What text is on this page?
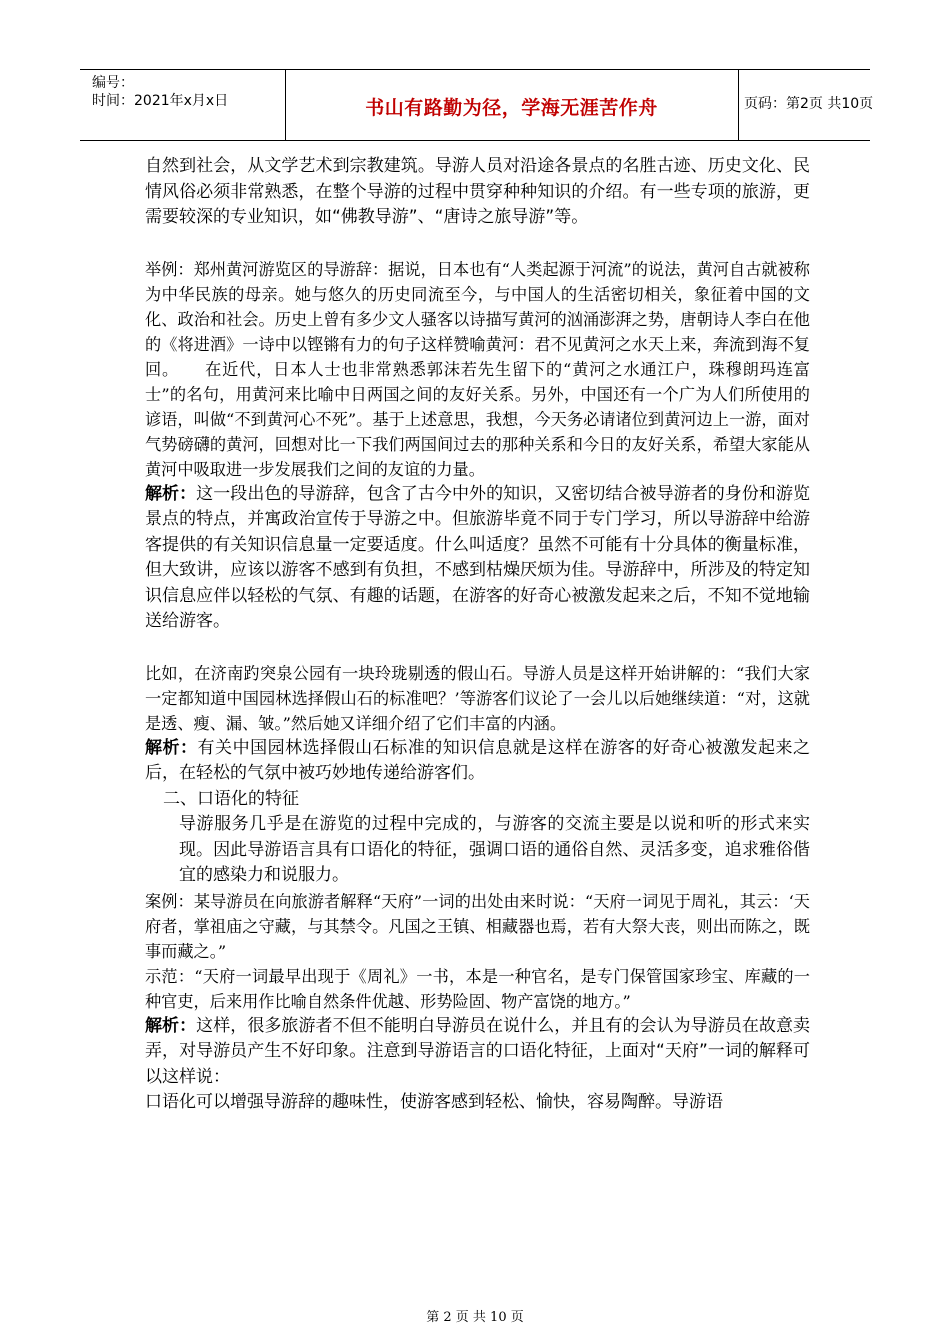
编号：
时间：2021年x月x日	书山有路勤为径，学海无涯苦作舟	页码：第2页 共10页

自然到社会，从文学艺术到宗教建筑。导游人员对沿途各景点的名胜古迹、历史文化、民情风俗必须非常熟悉，在整个导游的过程中贯穿种种知识的介绍。有一些专项的旅游，更需要较深的专业知识，如“佛教导游”、“唐诗之旅导游”等。

举例：郑州黄河游览区的导游辞：据说，日本也有“人类起源于河流”的说法，黄河自古就被称为中华民族的母亲。她与悠久的历史同流至今，与中国人的生活密切相关，象征着中国的文化、政治和社会。历史上曾有多少文人骚客以诗描写黄河的汹涌澎湃之势，唐朝诗人李白在他的《将进酒》一诗中以铿锵有力的句子这样赞喻黄河：君不见黄河之水天上来，奔流到海不复回。　　在近代，日本人士也非常熟悉郭沫若先生留下的“黄河之水通江户，珠穆朗玛连富士”的名句，用黄河来比喻中日两国之间的友好关系。另外，中国还有一个广为人们所使用的谚语，叫做“不到黄河心不死”。基于上述意思，我想，今天务必请诸位到黄河边上一游，面对气势磅礴的黄河，回想对比一下我们两国间过去的那种关系和今日的友好关系，希望大家能从黄河中吸取进一步发展我们之间的友谊的力量。

解析：这一段出色的导游辞，包含了古今中外的知识，又密切结合被导游者的身份和游览景点的特点，并寓政治宣传于导游之中。但旅游毕竟不同于专门学习，所以导游辞中给游客提供的有关知识信息量一定要适度。什么叫适度？虽然不可能有十分具体的衡量标准，但大致讲，应该以游客不感到有负担，不感到枯燥厌烦为佳。导游辞中，所涉及的特定知识信息应伴以轻松的气氛、有趣的话题，在游客的好奇心被激发起来之后，不知不觉地输送给游客。

比如，在济南趵突泉公园有一块玲珑剔透的假山石。导游人员是这样开始讲解的：“我们大家一定都知道中国园林选择假山石的标准吧？’等游客们议论了一会儿以后她继续道：“对，这就是透、瘦、漏、皱。”然后她又详细介绍了它们丰富的内涵。

解析：有关中国园林选择假山石标准的知识信息就是这样在游客的好奇心被激发起来之后，在轻松的气氛中被巧妙地传递给游客们。

二、口语化的特征

导游服务几乎是在游览的过程中完成的，与游客的交流主要是以说和听的形式来实现。因此导游语言具有口语化的特征，强调口语的通俗自然、灵活多变，追求雅俗偕宜的感染力和说服力。

案例：某导游员在向旅游者解释“天府”一词的出处由来时说：“天府一词见于周礼，其云：‘天府者，掌祖庙之守藏，与其禁令。凡国之王镇、相藏器也焉，若有大祭大丧，则出而陈之，既事而藏之。”

示范：“天府一词最早出现于《周礼》一书，本是一种官名，是专门保管国家珍宝、库藏的一种官吏，后来用作比喻自然条件优越、形势险固、物产富饶的地方。”

解析：这样，很多旅游者不但不能明白导游员在说什么，并且有的会认为导游员在故意卖弄，对导游员产生不好印象。注意到导游语言的口语化特征，上面对“天府”一词的解释可以这样说：

口语化可以增强导游辞的趣味性，使游客感到轻松、愉快，容易陶醉。导游语

第 2 页 共 10 页
